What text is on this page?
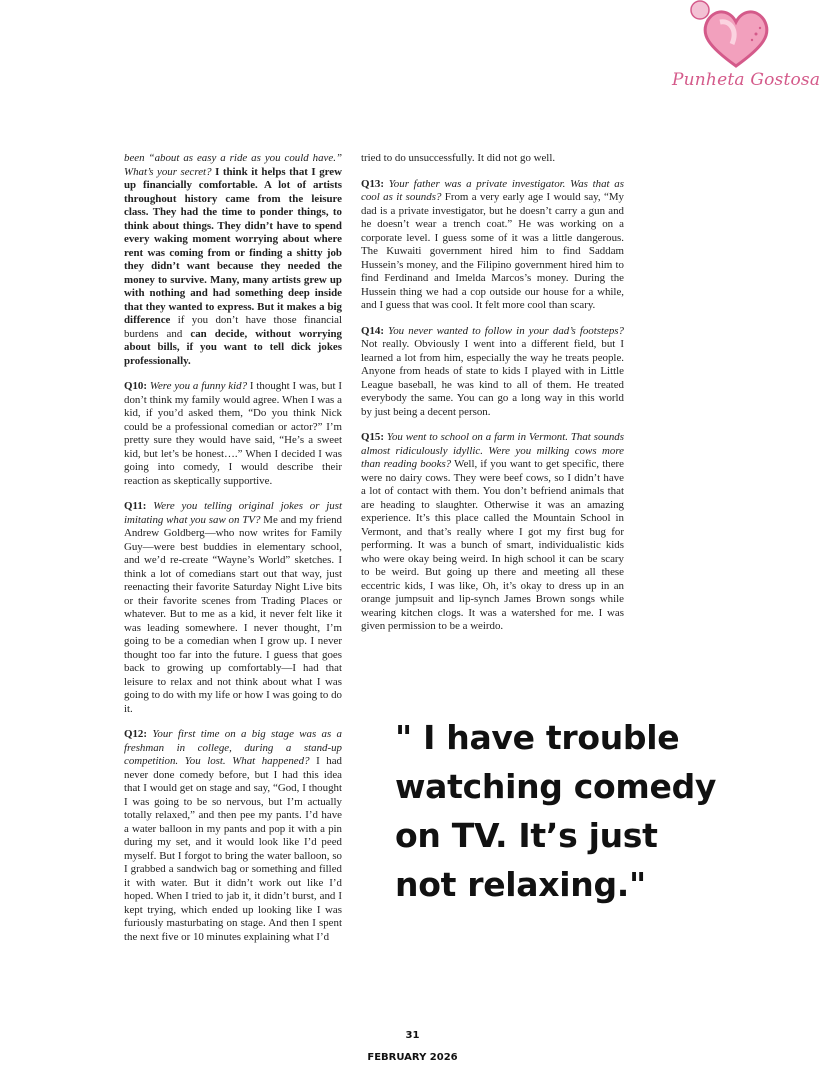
Punheta Gostosa

been “about as easy a ride as you could have.” What’s your secret? I think it helps that I grew up financially comfortable. A lot of artists throughout history came from the leisure class. They had the time to ponder things, to think about things. They didn’t have to spend every waking moment worrying about where rent was coming from or finding a shitty job they didn’t want because they needed the money to survive. Many, many artists grew up with nothing and had something deep inside that they wanted to express. But it makes a big difference if you don’t have those financial burdens and can decide, without worrying about bills, if you want to tell dick jokes professionally.

Q10: Were you a funny kid? I thought I was, but I don’t think my family would agree. When I was a kid, if you’d asked them, “Do you think Nick could be a professional comedian or actor?” I’m pretty sure they would have said, “He’s a sweet kid, but let’s be honest….” When I decided I was going into comedy, I would describe their reaction as skeptically supportive.

Q11: Were you telling original jokes or just imitating what you saw on TV? Me and my friend Andrew Goldberg—who now writes for Family Guy—were best buddies in elementary school, and we’d re-create “Wayne’s World” sketches. I think a lot of comedians start out that way, just reenacting their favorite Saturday Night Live bits or their favorite scenes from Trading Places or whatever. But to me as a kid, it never felt like it was leading somewhere. I never thought, I’m going to be a comedian when I grow up. I never thought too far into the future. I guess that goes back to growing up comfortably—I had that leisure to relax and not think about what I was going to do with my life or how I was going to do it.

Q12: Your first time on a big stage was as a freshman in college, during a stand-up competition. You lost. What happened? I had never done comedy before, but I had this idea that I would get on stage and say, “God, I thought I was going to be so nervous, but I’m actually totally relaxed,” and then pee my pants. I’d have a water balloon in my pants and pop it with a pin during my set, and it would look like I’d peed myself. But I forgot to bring the water balloon, so I grabbed a sandwich bag or something and filled it with water. But it didn’t work out like I’d hoped. When I tried to jab it, it didn’t burst, and I kept trying, which ended up looking like I was furiously masturbating on stage. And then I spent the next five or 10 minutes explaining what I’d

tried to do unsuccessfully. It did not go well.

Q13: Your father was a private investigator. Was that as cool as it sounds? From a very early age I would say, “My dad is a private investigator, but he doesn’t carry a gun and he doesn’t wear a trench coat.” He was working on a corporate level. I guess some of it was a little dangerous. The Kuwaiti government hired him to find Saddam Hussein’s money, and the Filipino government hired him to find Ferdinand and Imelda Marcos’s money. During the Hussein thing we had a cop outside our house for a while, and I guess that was cool. It felt more cool than scary.

Q14: You never wanted to follow in your dad’s footsteps? Not really. Obviously I went into a different field, but I learned a lot from him, especially the way he treats people. Anyone from heads of state to kids I played with in Little League baseball, he was kind to all of them. He treated everybody the same. You can go a long way in this world by just being a decent person.

Q15: You went to school on a farm in Vermont. That sounds almost ridiculously idyllic. Were you milking cows more than reading books? Well, if you want to get specific, there were no dairy cows. They were beef cows, so I didn’t have a lot of contact with them. You don’t befriend animals that are heading to slaughter. Otherwise it was an amazing experience. It’s this place called the Mountain School in Vermont, and that’s really where I got my first bug for performing. It was a bunch of smart, individualistic kids who were okay being weird. In high school it can be scary to be weird. But going up there and meeting all these eccentric kids, I was like, Oh, it’s okay to dress up in an orange jumpsuit and lip-synch James Brown songs while wearing kitchen clogs. It was a watershed for me. I was given permission to be a weirdo.

" I have trouble watching comedy on TV. It’s just not relaxing."
31
FEBRUARY 2026
